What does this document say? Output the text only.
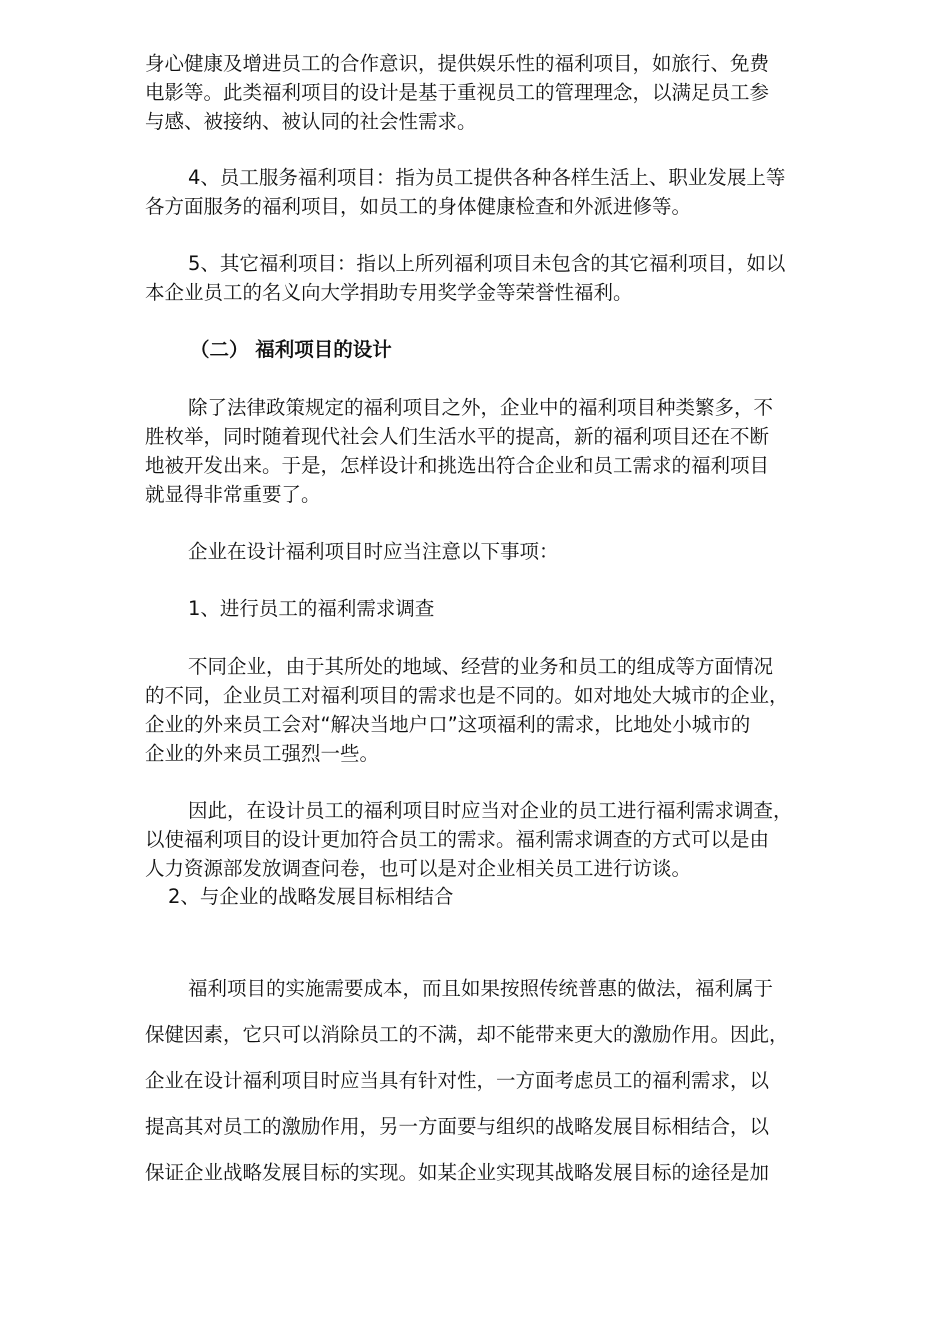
身心健康及增进员工的合作意识，提供娱乐性的福利项目，如旅行、免费
电影等。此类福利项目的设计是基于重视员工的管理理念，以满足员工参
与感、被接纳、被认同的社会性需求。
4、员工服务福利项目：指为员工提供各种各样生活上、职业发展上等
各方面服务的福利项目，如员工的身体健康检查和外派进修等。
5、其它福利项目：指以上所列福利项目未包含的其它福利项目，如以
本企业员工的名义向大学捐助专用奖学金等荣誉性福利。
（二） 福利项目的设计
除了法律政策规定的福利项目之外，企业中的福利项目种类繁多，不
胜枚举，同时随着现代社会人们生活水平的提高，新的福利项目还在不断
地被开发出来。于是，怎样设计和挑选出符合企业和员工需求的福利项目
就显得非常重要了。
企业在设计福利项目时应当注意以下事项：
1、进行员工的福利需求调查
不同企业，由于其所处的地域、经营的业务和员工的组成等方面情况
的不同，企业员工对福利项目的需求也是不同的。如对地处大城市的企业，
企业的外来员工会对“解决当地户口”这项福利的需求，比地处小城市的
企业的外来员工强烈一些。
因此，在设计员工的福利项目时应当对企业的员工进行福利需求调查，
以使福利项目的设计更加符合员工的需求。福利需求调查的方式可以是由
人力资源部发放调查问卷，也可以是对企业相关员工进行访谈。
2、与企业的战略发展目标相结合
福利项目的实施需要成本，而且如果按照传统普惠的做法，福利属于
保健因素，它只可以消除员工的不满，却不能带来更大的激励作用。因此，
企业在设计福利项目时应当具有针对性，一方面考虑员工的福利需求，以
提高其对员工的激励作用，另一方面要与组织的战略发展目标相结合，以
保证企业战略发展目标的实现。如某企业实现其战略发展目标的途径是加
